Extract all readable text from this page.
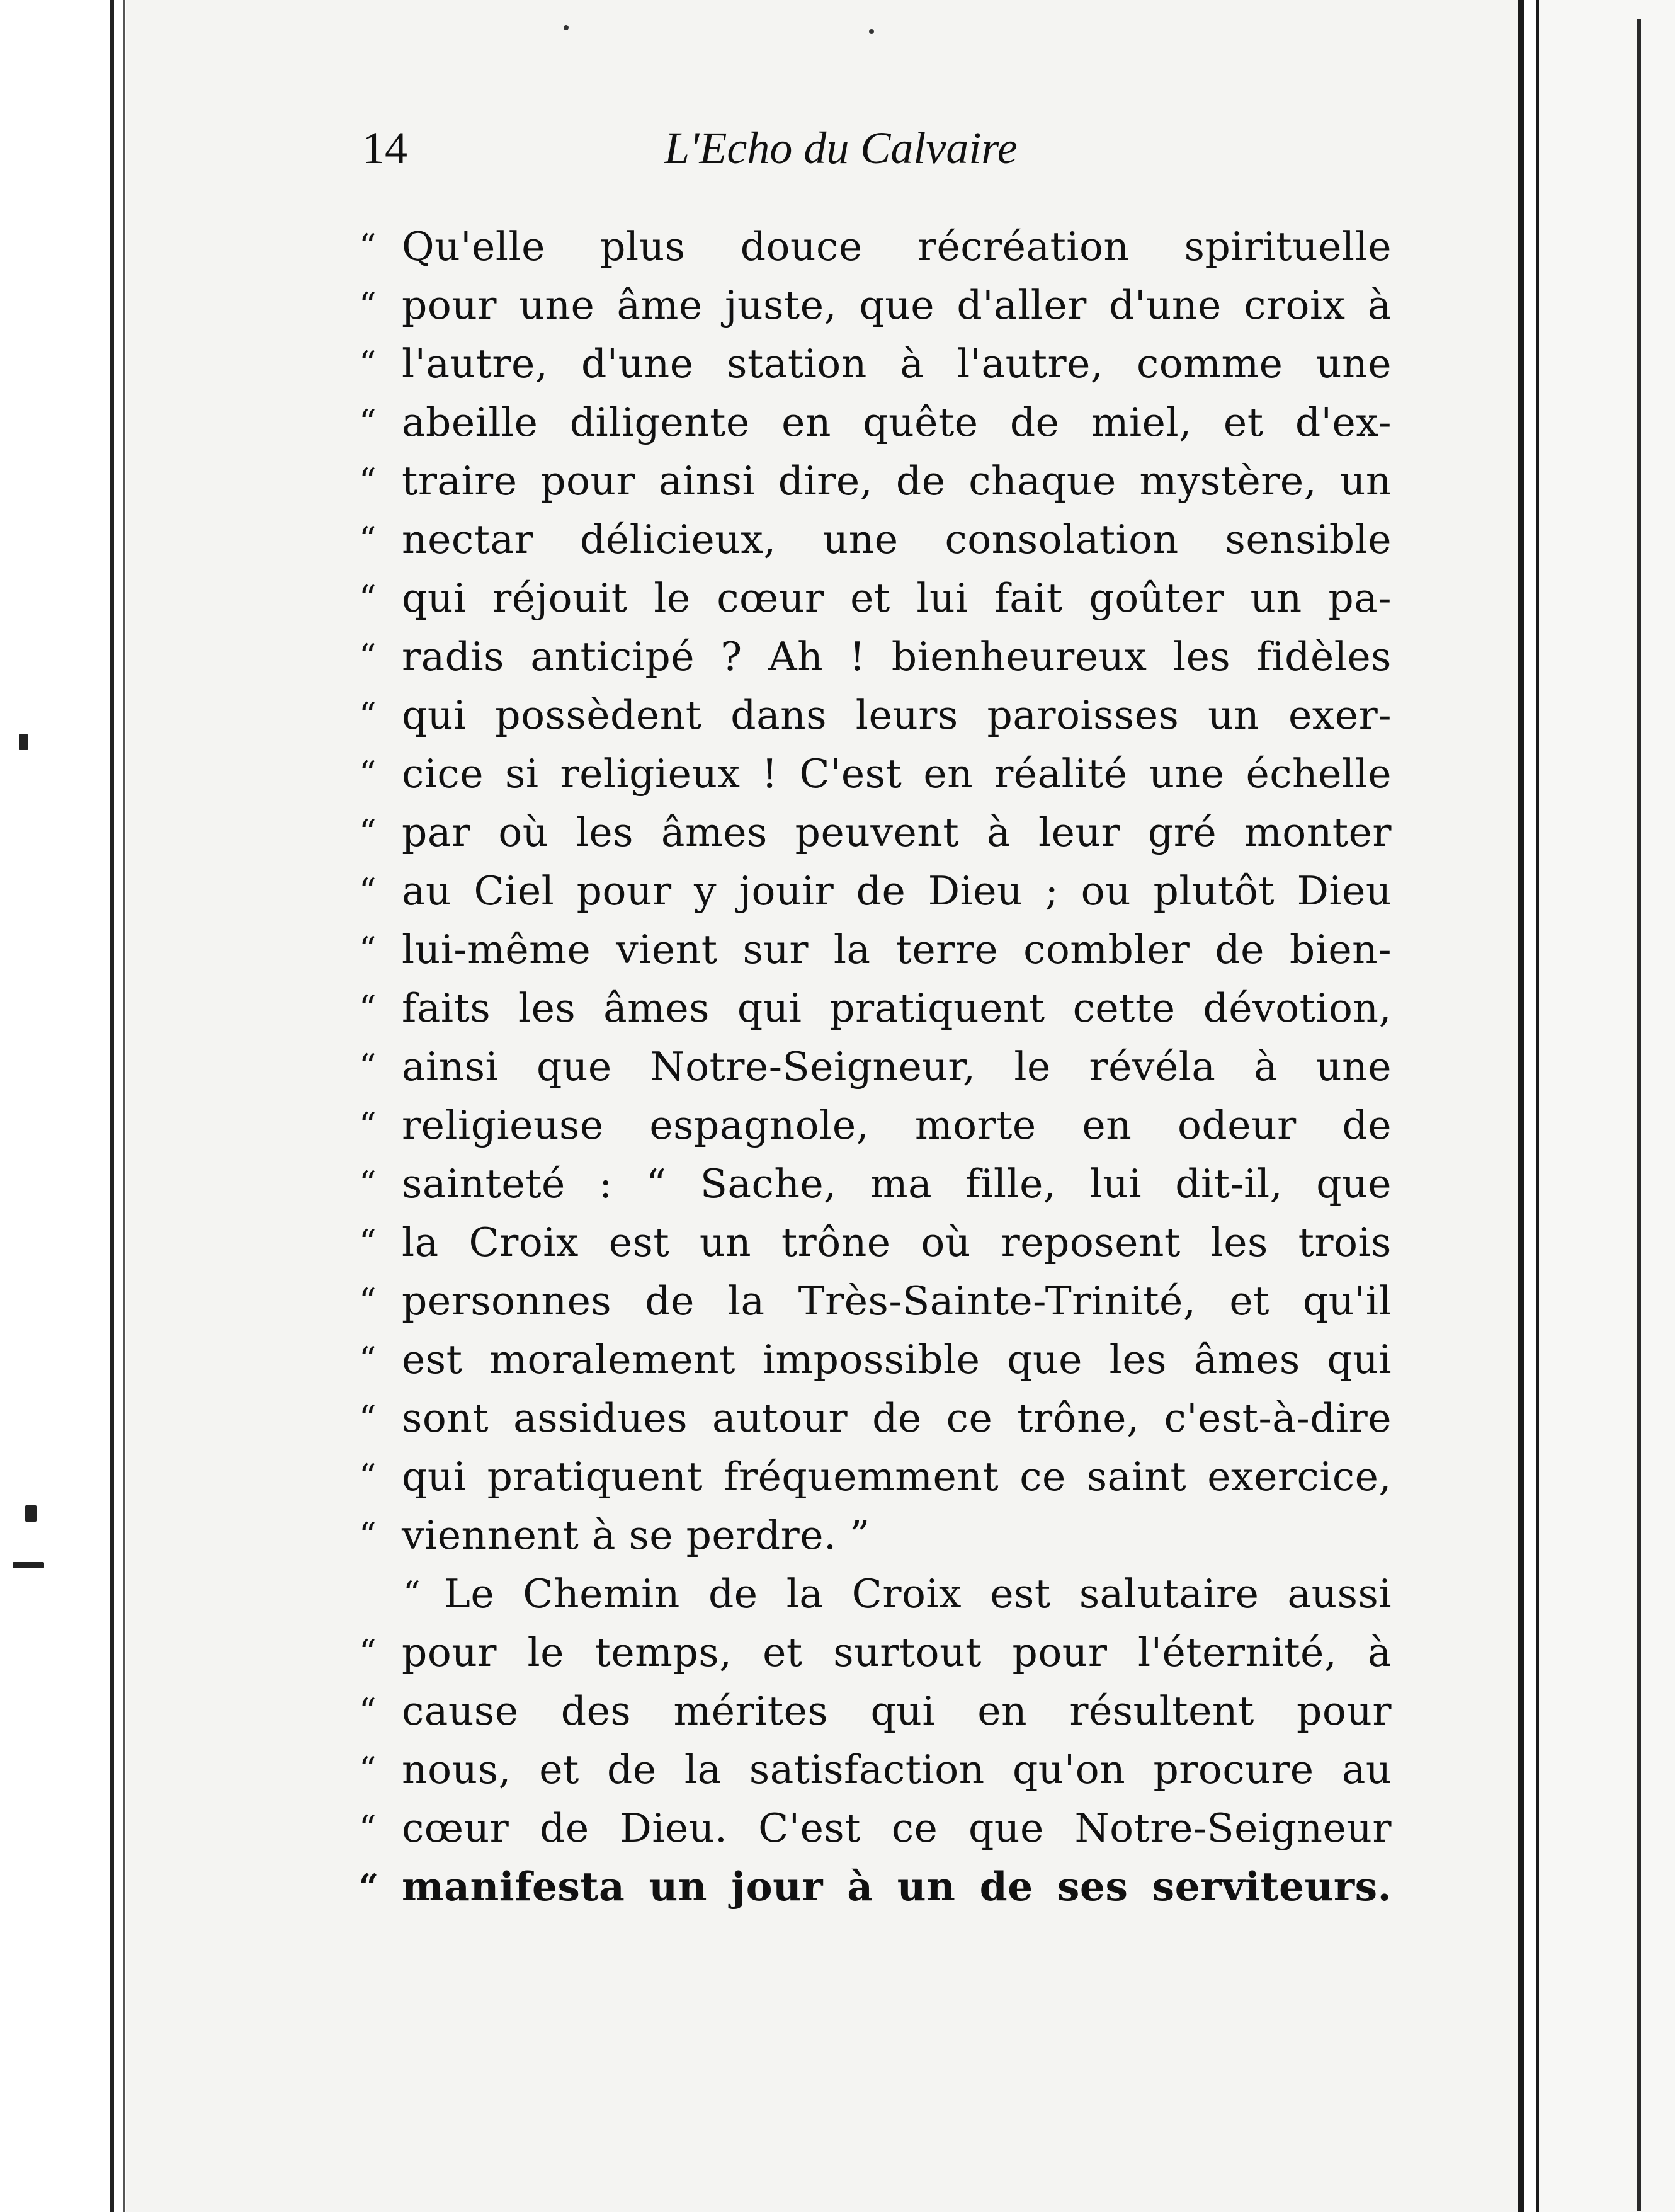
14	L'Echo du Calvaire
“ Qu'elle plus douce récréation spirituelle
“ pour une âme juste, que d'aller d'une croix à
“ l'autre, d'une station à l'autre, comme une
“ abeille diligente en quête de miel, et d'ex-
“ traire pour ainsi dire, de chaque mystère, un
“ nectar délicieux, une consolation sensible
“ qui réjouit le cœur et lui fait goûter un pa-
“ radis anticipé ? Ah ! bienheureux les fidèles
“ qui possèdent dans leurs paroisses un exer-
“ cice si religieux ! C'est en réalité une échelle
“ par où les âmes peuvent à leur gré monter
“ au Ciel pour y jouir de Dieu ; ou plutôt Dieu
“ lui-même vient sur la terre combler de bien-
“ faits les âmes qui pratiquent cette dévotion,
“ ainsi que Notre-Seigneur, le révéla à une
“ religieuse espagnole, morte en odeur de
“ sainteté : “ Sache, ma fille, lui dit-il, que
“ la Croix est un trône où reposent les trois
“ personnes de la Très-Sainte-Trinité, et qu'il
“ est moralement impossible que les âmes qui
“ sont assidues autour de ce trône, c'est-à-dire
“ qui pratiquent fréquemment ce saint exercice,
“ viennent à se perdre. ”
“ Le Chemin de la Croix est salutaire aussi
“ pour le temps, et surtout pour l'éternité, à
“ cause des mérites qui en résultent pour
“ nous, et de la satisfaction qu'on procure au
“ cœur de Dieu. C'est ce que Notre-Seigneur
“ manifesta un jour à un de ses serviteurs.
